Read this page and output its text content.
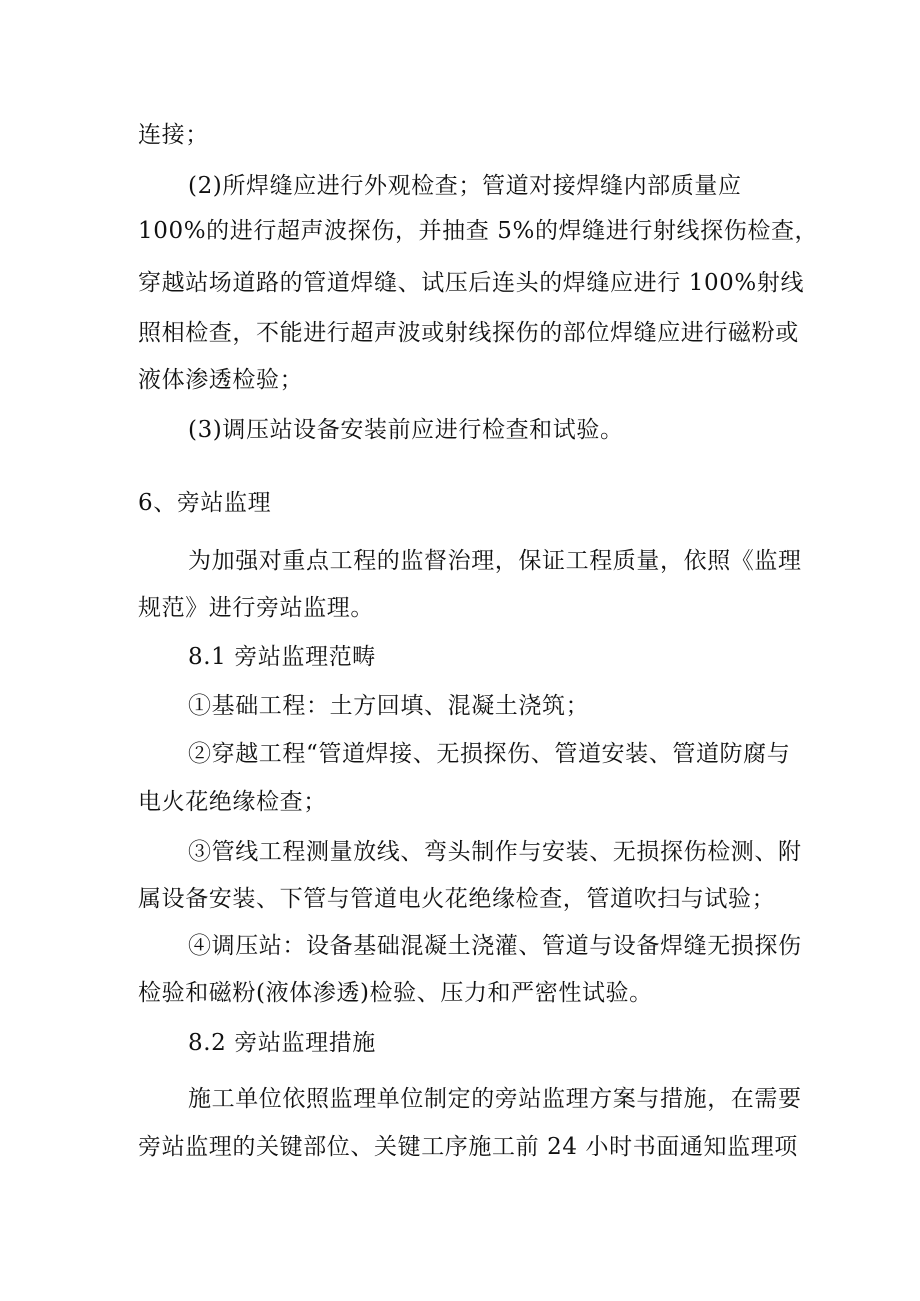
连接；
(2)所焊缝应进行外观检查；管道对接焊缝内部质量应
100%的进行超声波探伤，并抽查 5%的焊缝进行射线探伤检查，
穿越站场道路的管道焊缝、试压后连头的焊缝应进行 100%射线
照相检查，不能进行超声波或射线探伤的部位焊缝应进行磁粉或
液体渗透检验；
(3)调压站设备安装前应进行检查和试验。
6、旁站监理
为加强对重点工程的监督治理，保证工程质量，依照《监理
规范》进行旁站监理。
8.1 旁站监理范畴
①基础工程：土方回填、混凝土浇筑；
②穿越工程“管道焊接、无损探伤、管道安装、管道防腐与
电火花绝缘检查；
③管线工程测量放线、弯头制作与安装、无损探伤检测、附
属设备安装、下管与管道电火花绝缘检查，管道吹扫与试验；
④调压站：设备基础混凝土浇灌、管道与设备焊缝无损探伤
检验和磁粉(液体渗透)检验、压力和严密性试验。
8.2 旁站监理措施
施工单位依照监理单位制定的旁站监理方案与措施，在需要
旁站监理的关键部位、关键工序施工前 24 小时书面通知监理项
